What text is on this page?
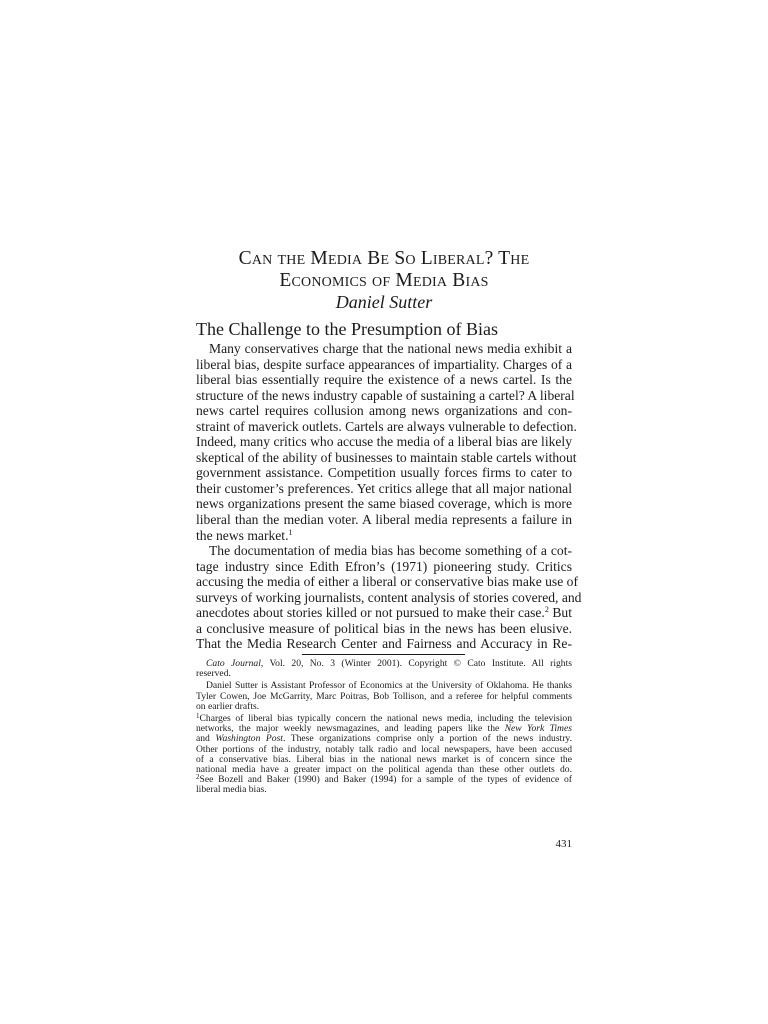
Can the Media Be So Liberal? The
Economics of Media Bias
Daniel Sutter
The Challenge to the Presumption of Bias
Many conservatives charge that the national news media exhibit a
liberal bias, despite surface appearances of impartiality. Charges of a
liberal bias essentially require the existence of a news cartel. Is the
structure of the news industry capable of sustaining a cartel? A liberal
news cartel requires collusion among news organizations and con-
straint of maverick outlets. Cartels are always vulnerable to defection.
Indeed, many critics who accuse the media of a liberal bias are likely
skeptical of the ability of businesses to maintain stable cartels without
government assistance. Competition usually forces firms to cater to
their customer’s preferences. Yet critics allege that all major national
news organizations present the same biased coverage, which is more
liberal than the median voter. A liberal media represents a failure in
the news market.$^1$
The documentation of media bias has become something of a cot-
tage industry since Edith Efron’s (1971) pioneering study. Critics
accusing the media of either a liberal or conservative bias make use of
surveys of working journalists, content analysis of stories covered, and
anecdotes about stories killed or not pursued to make their case.$^2$ But
a conclusive measure of political bias in the news has been elusive.
That the Media Research Center and Fairness and Accuracy in Re-
Cato Journal, Vol. 20, No. 3 (Winter 2001). Copyright © Cato Institute. All rights
reserved.
Daniel Sutter is Assistant Professor of Economics at the University of Oklahoma. He thanks
Tyler Cowen, Joe McGarrity, Marc Poitras, Bob Tollison, and a referee for helpful comments
on earlier drafts.
$^1$Charges of liberal bias typically concern the national news media, including the television
networks, the major weekly newsmagazines, and leading papers like the New York Times
and Washington Post. These organizations comprise only a portion of the news industry.
Other portions of the industry, notably talk radio and local newspapers, have been accused
of a conservative bias. Liberal bias in the national news market is of concern since the
national media have a greater impact on the political agenda than these other outlets do.
$^2$See Bozell and Baker (1990) and Baker (1994) for a sample of the types of evidence of
liberal media bias.
431
